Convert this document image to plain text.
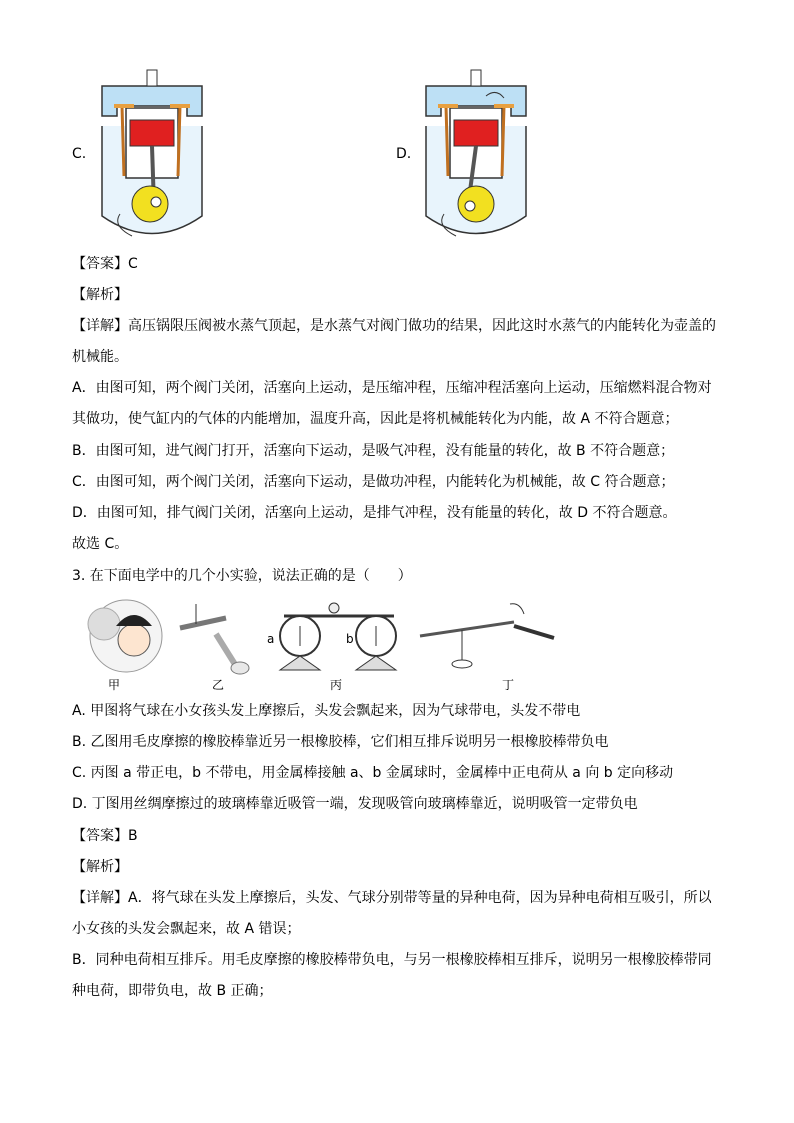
C.	D.
【答案】C
【解析】
【详解】高压锅限压阀被水蒸气顶起，是水蒸气对阀门做功的结果，因此这时水蒸气的内能转化为壶盖的
机械能。
A．由图可知，两个阀门关闭，活塞向上运动，是压缩冲程，压缩冲程活塞向上运动，压缩燃料混合物对
其做功，使气缸内的气体的内能增加，温度升高，因此是将机械能转化为内能，故 A 不符合题意；
B．由图可知，进气阀门打开，活塞向下运动，是吸气冲程，没有能量的转化，故 B 不符合题意；
C．由图可知，两个阀门关闭，活塞向下运动，是做功冲程，内能转化为机械能，故 C 符合题意；
D．由图可知，排气阀门关闭，活塞向上运动，是排气冲程，没有能量的转化，故 D 不符合题意。
故选 C。
3. 在下面电学中的几个小实验，说法正确的是（　　）
甲	乙
a	b
丙	丁
A. 甲图将气球在小女孩头发上摩擦后，头发会飘起来，因为气球带电，头发不带电
B. 乙图用毛皮摩擦的橡胶棒靠近另一根橡胶棒，它们相互排斥说明另一根橡胶棒带负电
C. 丙图 a 带正电，b 不带电，用金属棒接触 a、b 金属球时，金属棒中正电荷从 a 向 b 定向移动
D. 丁图用丝绸摩擦过的玻璃棒靠近吸管一端，发现吸管向玻璃棒靠近，说明吸管一定带负电
【答案】B
【解析】
【详解】A．将气球在头发上摩擦后，头发、气球分别带等量的异种电荷，因为异种电荷相互吸引，所以
小女孩的头发会飘起来，故 A 错误；
B．同种电荷相互排斥。用毛皮摩擦的橡胶棒带负电，与另一根橡胶棒相互排斥，说明另一根橡胶棒带同
种电荷，即带负电，故 B 正确；
